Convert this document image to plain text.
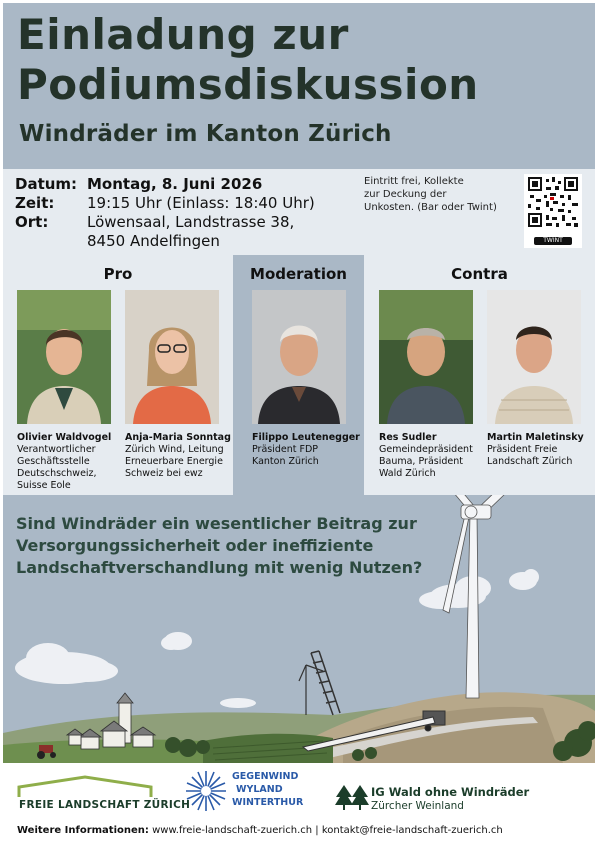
Einladung zur
Podiumsdiskussion
Windräder im Kanton Zürich
Datum: Montag, 8. Juni 2026
Zeit: 19:15 Uhr (Einlass: 18:40 Uhr)
Ort:	Löwensaal, Landstrasse 38,
8450 Andelfingen
Eintritt frei, Kollekte
zur Deckung der
Unkosten. (Bar oder Twint)
TWINT
Pro	Moderation	Contra
Olivier Waldvogel
Verantwortlicher
Geschäftsstelle
Deutschschweiz,
Suisse Eole
Anja-Maria Sonntag
Zürich Wind, Leitung
Erneuerbare Energie
Schweiz bei ewz
Filippo Leutenegger
Präsident FDP
Kanton Zürich
Res Sudler
Gemeindepräsident
Bauma, Präsident
Wald Zürich
Martin Maletinsky
Präsident Freie
Landschaft Zürich
Sind Windräder ein wesentlicher Beitrag zur
Versorgungssicherheit oder ineffiziente
Landschaftverschandlung mit wenig Nutzen?
FREIE LANDSCHAFT ZÜRICH
GEGENWIND
WYLAND
WINTERTHUR
IG Wald ohne Windräder
Zürcher Weinland
Weitere Informationen: www.freie-landschaft-zuerich.ch | kontakt@freie-landschaft-zuerich.ch
